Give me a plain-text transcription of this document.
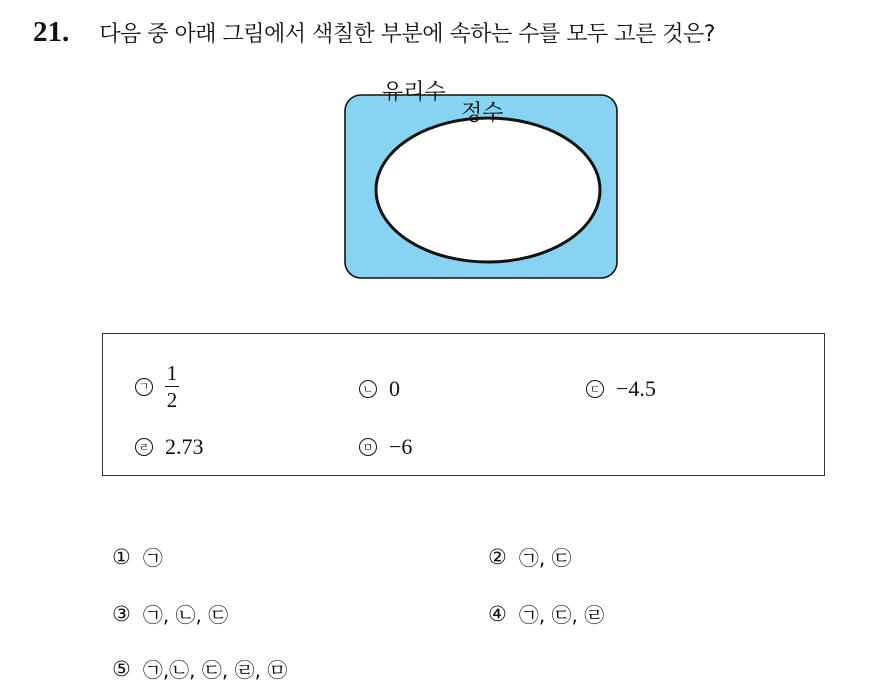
21. 다음 중 아래 그림에서 색칠한 부분에 속하는 수를 모두 고른 것은?
유리수
정수
ㄱ $\frac{1}{2}$	ㄴ 0	ㄷ −4.5
ㄹ 2.73	ㅁ −6
① ㉠	② ㉠, ㉢
③ ㉠, ㉡, ㉢	④ ㉠, ㉢, ㉣
⑤ ㉠,㉡, ㉢, ㉣, ㉤
